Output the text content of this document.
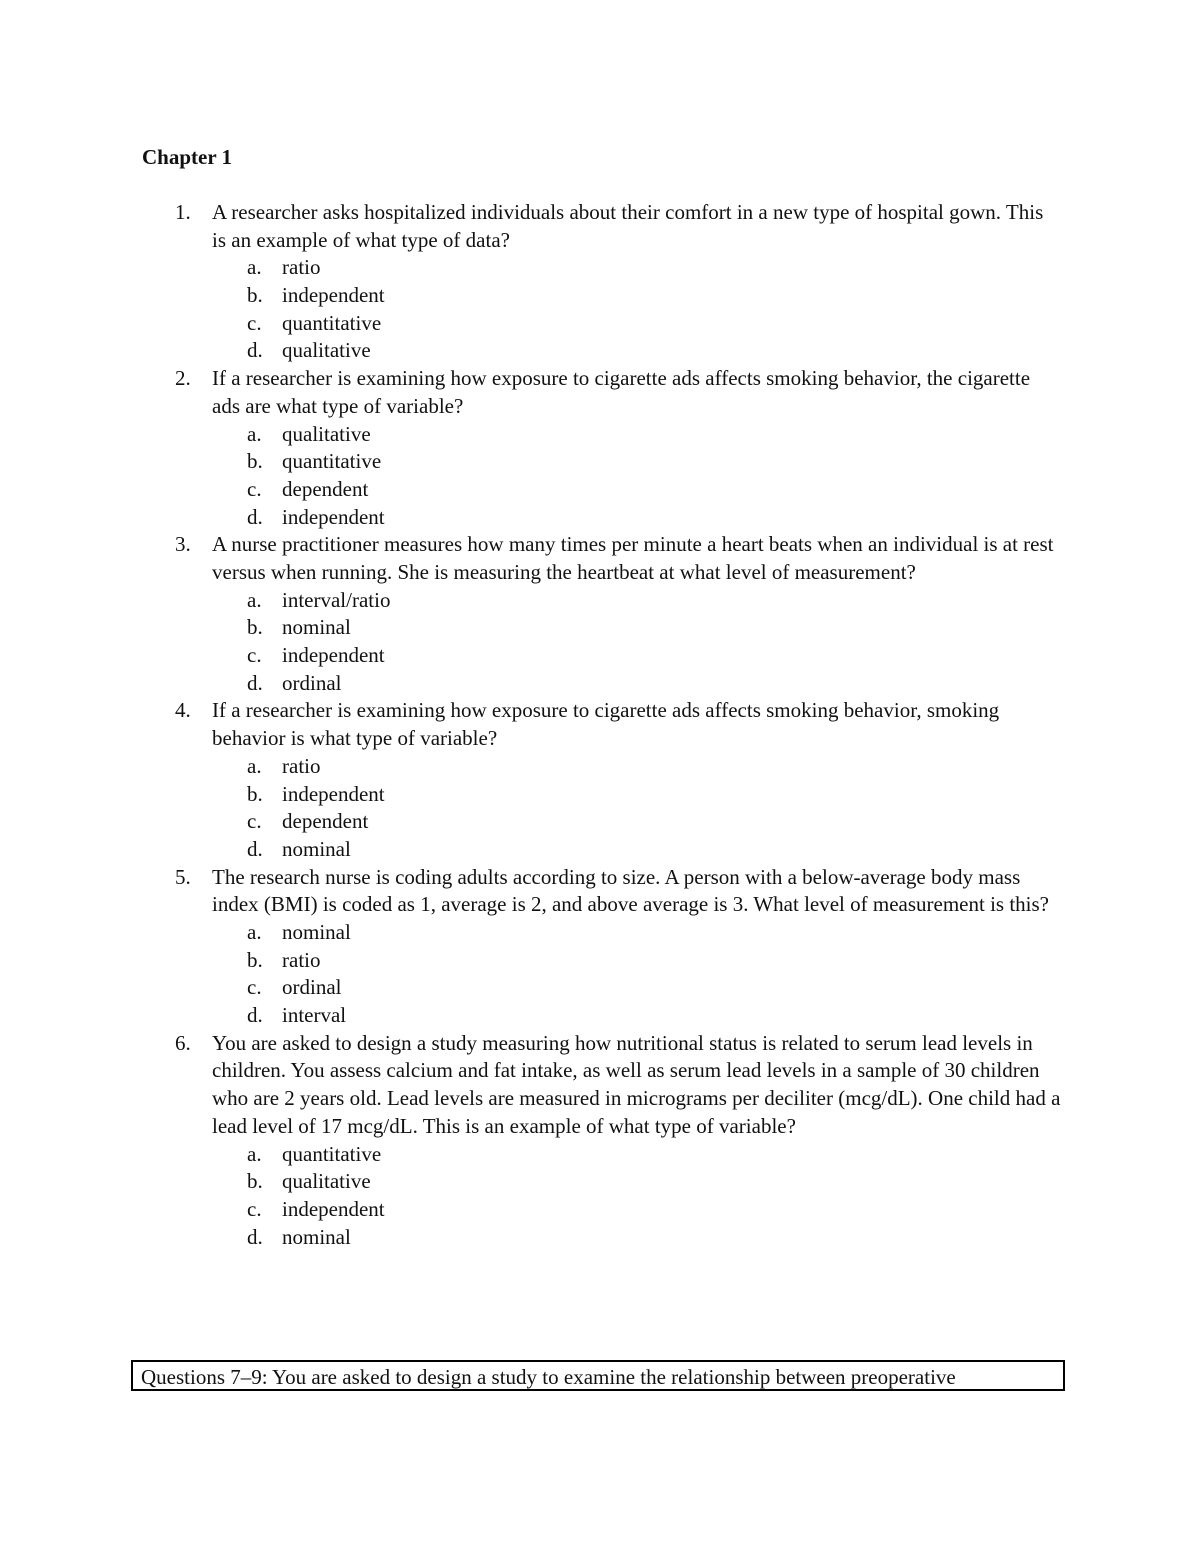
Chapter 1
1.	A researcher asks hospitalized individuals about their comfort in a new type of hospital gown. This is an example of what type of data?
a. ratio
b. independent
c. quantitative
d. qualitative
2.	If a researcher is examining how exposure to cigarette ads affects smoking behavior, the cigarette ads are what type of variable?
a. qualitative
b. quantitative
c. dependent
d. independent
3.	A nurse practitioner measures how many times per minute a heart beats when an individual is at rest versus when running. She is measuring the heartbeat at what level of measurement?
a. interval/ratio
b. nominal
c. independent
d. ordinal
4.	If a researcher is examining how exposure to cigarette ads affects smoking behavior, smoking behavior is what type of variable?
a. ratio
b. independent
c. dependent
d. nominal
5.	The research nurse is coding adults according to size. A person with a below-average body mass index (BMI) is coded as 1, average is 2, and above average is 3. What level of measurement is this?
a. nominal
b. ratio
c. ordinal
d. interval
6.	You are asked to design a study measuring how nutritional status is related to serum lead levels in children. You assess calcium and fat intake, as well as serum lead levels in a sample of 30 children who are 2 years old. Lead levels are measured in micrograms per deciliter (mcg/dL). One child had a lead level of 17 mcg/dL. This is an example of what type of variable?
a. quantitative
b. qualitative
c. independent
d. nominal
Questions 7–9: You are asked to design a study to examine the relationship between preoperative
